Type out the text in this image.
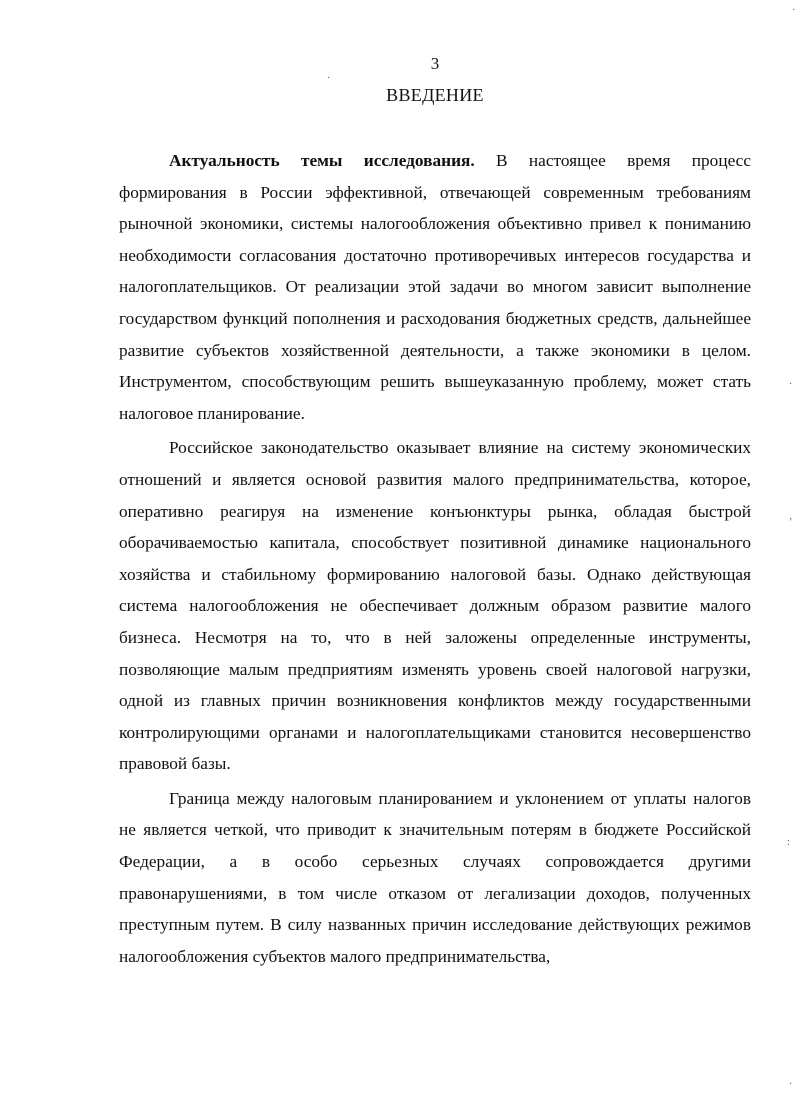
3
ВВЕДЕНИЕ

Актуальность темы исследования. В настоящее время процесс формирования в России эффективной, отвечающей современным требованиям рыночной экономики, системы налогообложения объективно привел к пониманию необходимости согласования достаточно противоречивых интересов государства и налогоплательщиков. От реализации этой задачи во многом зависит выполнение государством функций пополнения и расходования бюджетных средств, дальнейшее развитие субъектов хозяйственной деятельности, а также экономики в целом. Инструментом, способствующим решить вышеуказанную проблему, может стать налоговое планирование.

Российское законодательство оказывает влияние на систему экономических отношений и является основой развития малого предпринимательства, которое, оперативно реагируя на изменение конъюнктуры рынка, обладая быстрой оборачиваемостью капитала, способствует позитивной динамике национального хозяйства и стабильному формированию налоговой базы. Однако действующая система налогообложения не обеспечивает должным образом развитие малого бизнеса. Несмотря на то, что в ней заложены определенные инструменты, позволяющие малым предприятиям изменять уровень своей налоговой нагрузки, одной из главных причин возникновения конфликтов между государственными контролирующими органами и налогоплательщиками становится несовершенство правовой базы.

Граница между налоговым планированием и уклонением от уплаты налогов не является четкой, что приводит к значительным потерям в бюджете Российской Федерации, а в особо серьезных случаях сопровождается другими правонарушениями, в том числе отказом от легализации доходов, полученных преступным путем. В силу названных причин исследование действующих режимов налогообложения субъектов малого предпринимательства,

·
·
·
ʼ
:
·
